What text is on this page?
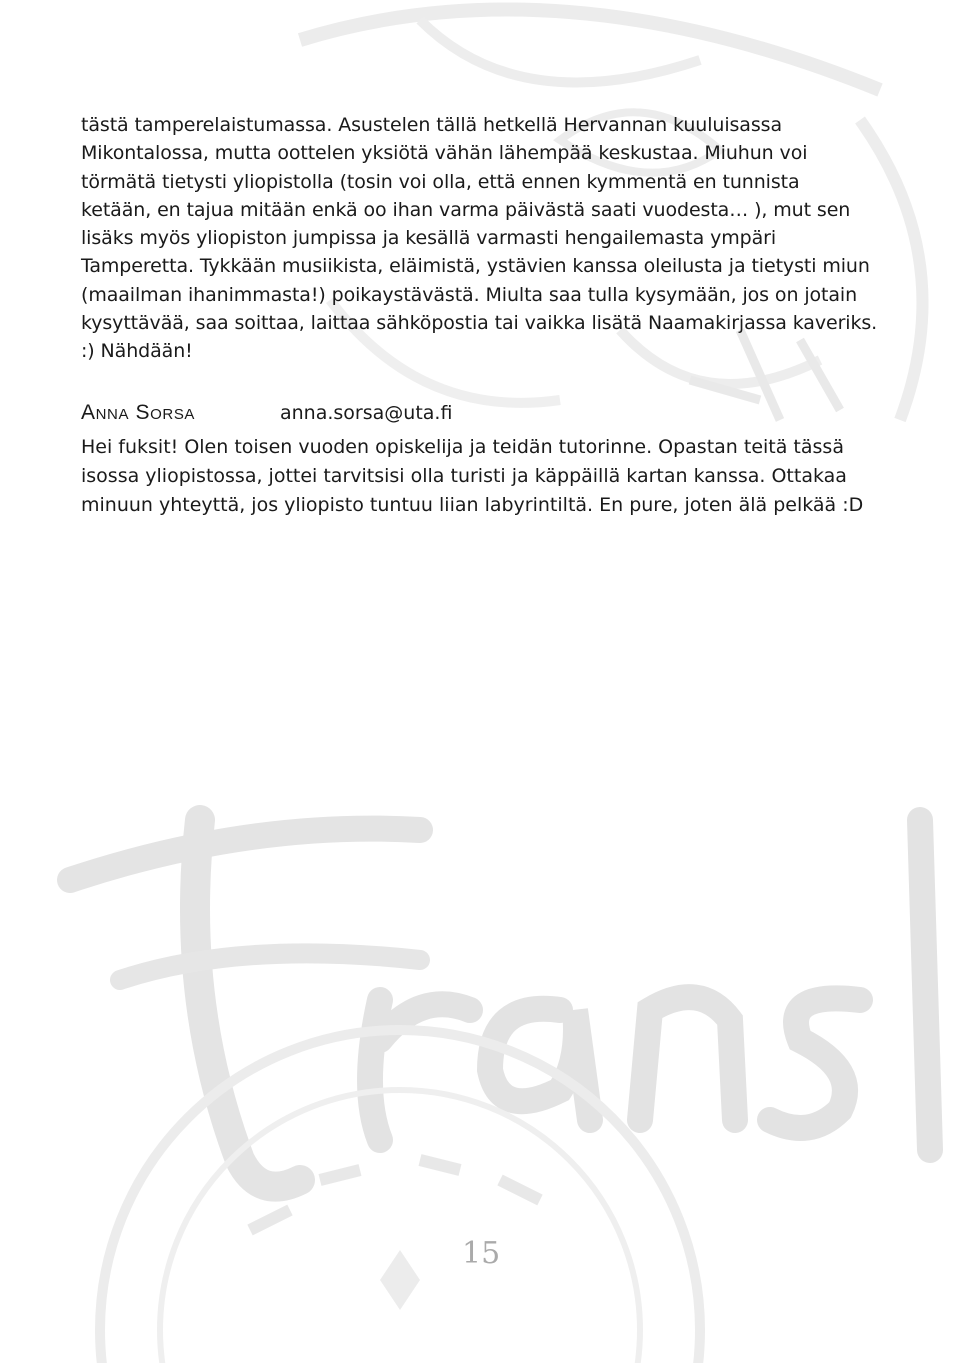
tästä tamperelaistumassa. Asustelen tällä hetkellä Hervannan kuuluisassa
Mikontalossa, mutta oottelen yksiötä vähän lähempää keskustaa. Miuhun voi
törmätä tietysti yliopistolla (tosin voi olla, että ennen kymmentä en tunnista
ketään, en tajua mitään enkä oo ihan varma päivästä saati vuodesta… ), mut sen
lisäks myös yliopiston jumpissa ja kesällä varmasti hengailemasta ympäri
Tamperetta. Tykkään musiikista, eläimistä, ystävien kanssa oleilusta ja tietysti miun
(maailman ihanimmasta!) poikaystävästä. Miulta saa tulla kysymään, jos on jotain
kysyttävää, saa soittaa, laittaa sähköpostia tai vaikka lisätä Naamakirjassa kaveriks.
:) Nähdään!

Anna Sorsa	anna.sorsa@uta.fi

Hei fuksit! Olen toisen vuoden opiskelija ja teidän tutorinne. Opastan teitä tässä
isossa yliopistossa, jottei tarvitsisi olla turisti ja käppäillä kartan kanssa. Ottakaa
minuun yhteyttä, jos yliopisto tuntuu liian labyrintiltä. En pure, joten älä pelkää :D

15
